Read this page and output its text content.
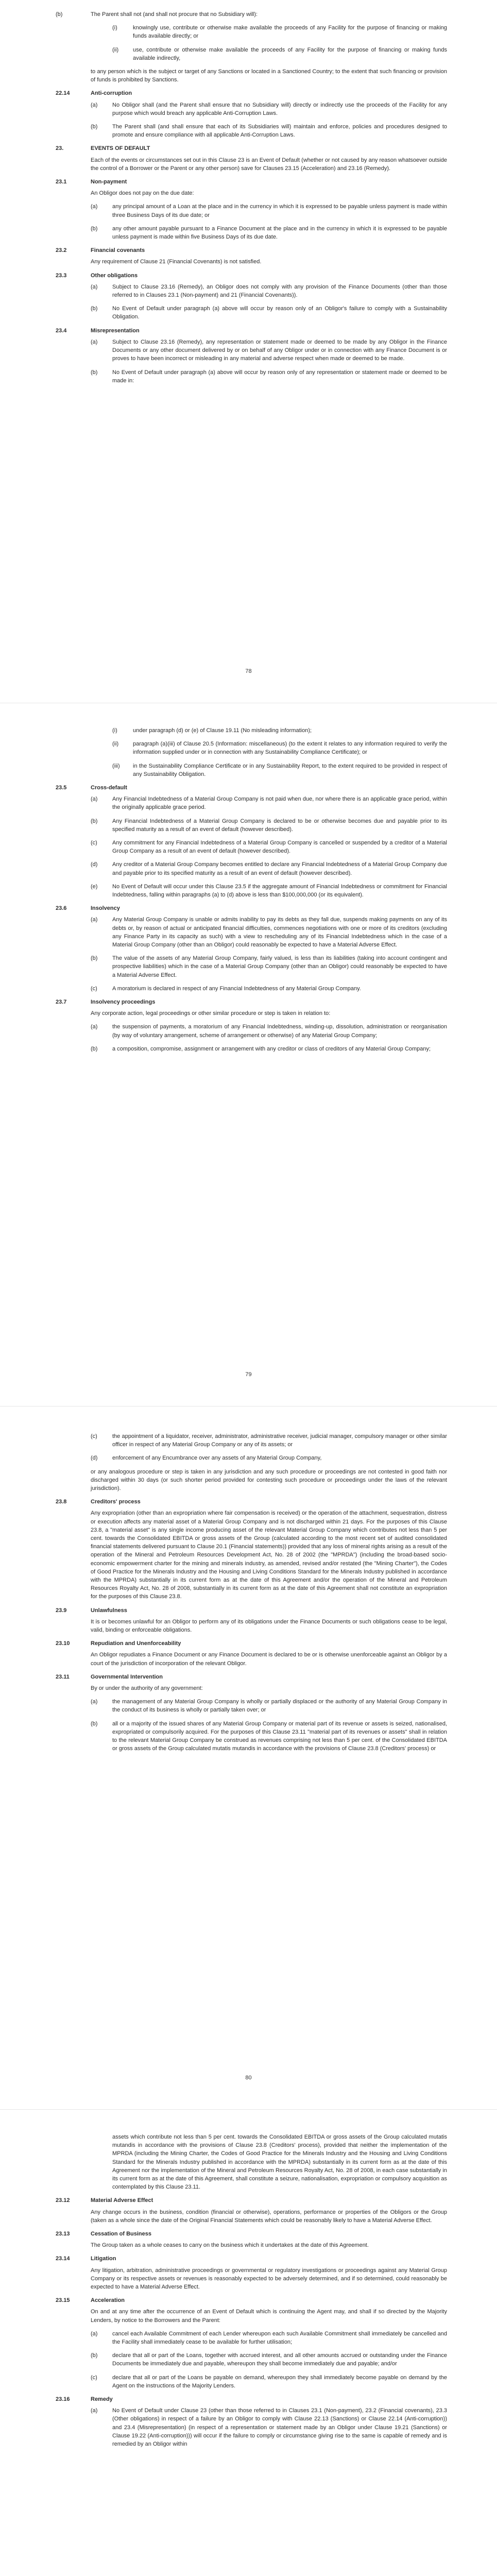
(b)	The Parent shall not (and shall not procure that no Subsidiary will):
(i)	knowingly use, contribute or otherwise make available the proceeds of any Facility for the purpose of financing or making funds available directly; or
(ii)	use, contribute or otherwise make available the proceeds of any Facility for the purpose of financing or making funds available indirectly,
to any person which is the subject or target of any Sanctions or located in a Sanctioned Country; to the extent that such financing or provision of funds is prohibited by Sanctions.
22.14	Anti-corruption
(a)	No Obligor shall (and the Parent shall ensure that no Subsidiary will) directly or indirectly use the proceeds of the Facility for any purpose which would breach any applicable Anti-Corruption Laws.
(b)	The Parent shall (and shall ensure that each of its Subsidiaries will) maintain and enforce, policies and procedures designed to promote and ensure compliance with all applicable Anti-Corruption Laws.
23.	EVENTS OF DEFAULT
Each of the events or circumstances set out in this Clause 23 is an Event of Default (whether or not caused by any reason whatsoever outside the control of a Borrower or the Parent or any other person) save for Clauses 23.15 (Acceleration) and 23.16 (Remedy).
23.1	Non-payment
An Obligor does not pay on the due date:
(a)	any principal amount of a Loan at the place and in the currency in which it is expressed to be payable unless payment is made within three Business Days of its due date; or
(b)	any other amount payable pursuant to a Finance Document at the place and in the currency in which it is expressed to be payable unless payment is made within five Business Days of its due date.
23.2	Financial covenants
Any requirement of Clause 21 (Financial Covenants) is not satisfied.
23.3	Other obligations
(a)	Subject to Clause 23.16 (Remedy), an Obligor does not comply with any provision of the Finance Documents (other than those referred to in Clauses 23.1 (Non-payment) and 21 (Financial Covenants)).
(b)	No Event of Default under paragraph (a) above will occur by reason only of an Obligor's failure to comply with a Sustainability Obligation.
23.4	Misrepresentation
(a)	Subject to Clause 23.16 (Remedy), any representation or statement made or deemed to be made by any Obligor in the Finance Documents or any other document delivered by or on behalf of any Obligor under or in connection with any Finance Document is or proves to have been incorrect or misleading in any material and adverse respect when made or deemed to be made.
(b)	No Event of Default under paragraph (a) above will occur by reason only of any representation or statement made or deemed to be made in:
78
(i)	under paragraph (d) or (e) of Clause 19.11 (No misleading information);
(ii)	paragraph (a)(iii) of Clause 20.5 (Information: miscellaneous) (to the extent it relates to any information required to verify the information supplied under or in connection with any Sustainability Compliance Certificate); or
(iii) in the Sustainability Compliance Certificate or in any Sustainability Report, to the extent required to be provided in respect of any Sustainability Obligation.
23.5	Cross-default
(a)	Any Financial Indebtedness of a Material Group Company is not paid when due, nor where there is an applicable grace period, within the originally applicable grace period.
(b)	Any Financial Indebtedness of a Material Group Company is declared to be or otherwise becomes due and payable prior to its specified maturity as a result of an event of default (however described).
(c)	Any commitment for any Financial Indebtedness of a Material Group Company is cancelled or suspended by a creditor of a Material Group Company as a result of an event of default (however described).
(d)	Any creditor of a Material Group Company becomes entitled to declare any Financial Indebtedness of a Material Group Company due and payable prior to its specified maturity as a result of an event of default (however described).
(e)	No Event of Default will occur under this Clause 23.5 if the aggregate amount of Financial Indebtedness or commitment for Financial Indebtedness, falling within paragraphs (a) to (d) above is less than $100,000,000 (or its equivalent).
23.6	Insolvency
(a)	Any Material Group Company is unable or admits inability to pay its debts as they fall due, suspends making payments on any of its debts or, by reason of actual or anticipated financial difficulties, commences negotiations with one or more of its creditors (excluding any Finance Party in its capacity as such) with a view to rescheduling any of its Financial Indebtedness which in the case of a Material Group Company (other than an Obligor) could reasonably be expected to have a Material Adverse Effect.
(b)	The value of the assets of any Material Group Company, fairly valued, is less than its liabilities (taking into account contingent and prospective liabilities) which in the case of a Material Group Company (other than an Obligor) could reasonably be expected to have a Material Adverse Effect.
(c)	A moratorium is declared in respect of any Financial Indebtedness of any Material Group Company.
23.7	Insolvency proceedings
Any corporate action, legal proceedings or other similar procedure or step is taken in relation to:
(a)	the suspension of payments, a moratorium of any Financial Indebtedness, winding-up, dissolution, administration or reorganisation (by way of voluntary arrangement, scheme of arrangement or otherwise) of any Material Group Company;
(b)	a composition, compromise, assignment or arrangement with any creditor or class of creditors of any Material Group Company;
79
(c)	the appointment of a liquidator, receiver, administrator, administrative receiver, judicial manager, compulsory manager or other similar officer in respect of any Material Group Company or any of its assets; or
(d)	enforcement of any Encumbrance over any assets of any Material Group Company,
or any analogous procedure or step is taken in any jurisdiction and any such procedure or proceedings are not contested in good faith nor discharged within 30 days (or such shorter period provided for contesting such procedure or proceedings under the laws of the relevant jurisdiction).
23.8	Creditors' process
Any expropriation (other than an expropriation where fair compensation is received) or the operation of the attachment, sequestration, distress or execution affects any material asset of a Material Group Company and is not discharged within 21 days. For the purposes of this Clause 23.8, a "material asset" is any single income producing asset of the relevant Material Group Company which contributes not less than 5 per cent. towards the Consolidated EBITDA or gross assets of the Group (calculated according to the most recent set of audited consolidated financial statements delivered pursuant to Clause 20.1 (Financial statements)) provided that any loss of mineral rights arising as a result of the operation of the Mineral and Petroleum Resources Development Act, No. 28 of 2002 (the "MPRDA") (including the broad-based socio-economic empowerment charter for the mining and minerals industry, as amended, revised and/or restated (the "Mining Charter"), the Codes of Good Practice for the Minerals Industry and the Housing and Living Conditions Standard for the Minerals Industry published in accordance with the MPRDA) substantially in its current form as at the date of this Agreement and/or the operation of the Mineral and Petroleum Resources Royalty Act, No. 28 of 2008, substantially in its current form as at the date of this Agreement shall not constitute an expropriation for the purposes of this Clause 23.8.
23.9	Unlawfulness
It is or becomes unlawful for an Obligor to perform any of its obligations under the Finance Documents or such obligations cease to be legal, valid, binding or enforceable obligations.
23.10	Repudiation and Unenforceability
An Obligor repudiates a Finance Document or any Finance Document is declared to be or is otherwise unenforceable against an Obligor by a court of the jurisdiction of incorporation of the relevant Obligor.
23.11	Governmental Intervention
By or under the authority of any government:
(a)	the management of any Material Group Company is wholly or partially displaced or the authority of any Material Group Company in the conduct of its business is wholly or partially taken over; or
(b)	all or a majority of the issued shares of any Material Group Company or material part of its revenue or assets is seized, nationalised, expropriated or compulsorily acquired. For the purposes of this Clause 23.11 "material part of its revenues or assets" shall in relation to the relevant Material Group Company be construed as revenues comprising not less than 5 per cent. of the Consolidated EBITDA or gross assets of the Group calculated mutatis mutandis in accordance with the provisions of Clause 23.8 (Creditors' process) or
80
assets which contribute not less than 5 per cent. towards the Consolidated EBITDA or gross assets of the Group calculated mutatis mutandis in accordance with the provisions of Clause 23.8 (Creditors' process), provided that neither the implementation of the MPRDA (including the Mining Charter, the Codes of Good Practice for the Minerals Industry and the Housing and Living Conditions Standard for the Minerals Industry published in accordance with the MPRDA) substantially in its current form as at the date of this Agreement nor the implementation of the Mineral and Petroleum Resources Royalty Act, No. 28 of 2008, in each case substantially in its current form as at the date of this Agreement, shall constitute a seizure, nationalisation, expropriation or compulsory acquisition as contemplated by this Clause 23.11.
23.12	Material Adverse Effect
Any change occurs in the business, condition (financial or otherwise), operations, performance or properties of the Obligors or the Group (taken as a whole since the date of the Original Financial Statements which could be reasonably likely to have a Material Adverse Effect.
23.13	Cessation of Business
The Group taken as a whole ceases to carry on the business which it undertakes at the date of this Agreement.
23.14	Litigation
Any litigation, arbitration, administrative proceedings or governmental or regulatory investigations or proceedings against any Material Group Company or its respective assets or revenues is reasonably expected to be adversely determined, and if so determined, could reasonably be expected to have a Material Adverse Effect.
23.15	Acceleration
On and at any time after the occurrence of an Event of Default which is continuing the Agent may, and shall if so directed by the Majority Lenders, by notice to the Borrowers and the Parent:
(a)	cancel each Available Commitment of each Lender whereupon each such Available Commitment shall immediately be cancelled and the Facility shall immediately cease to be available for further utilisation;
(b)	declare that all or part of the Loans, together with accrued interest, and all other amounts accrued or outstanding under the Finance Documents be immediately due and payable, whereupon they shall become immediately due and payable; and/or
(c)	declare that all or part of the Loans be payable on demand, whereupon they shall immediately become payable on demand by the Agent on the instructions of the Majority Lenders.
23.16	Remedy
(a)	No Event of Default under Clause 23 (other than those referred to in Clauses 23.1 (Non-payment), 23.2 (Financial covenants), 23.3 (Other obligations) in respect of a failure by an Obligor to comply with Clause 22.13 (Sanctions) or Clause 22.14 (Anti-corruption)) and 23.4 (Misrepresentation) (in respect of a representation or statement made by an Obligor under Clause 19.21 (Sanctions) or Clause 19.22 (Anti-corruption))) will occur if the failure to comply or circumstance giving rise to the same is capable of remedy and is remedied by an Obligor within
